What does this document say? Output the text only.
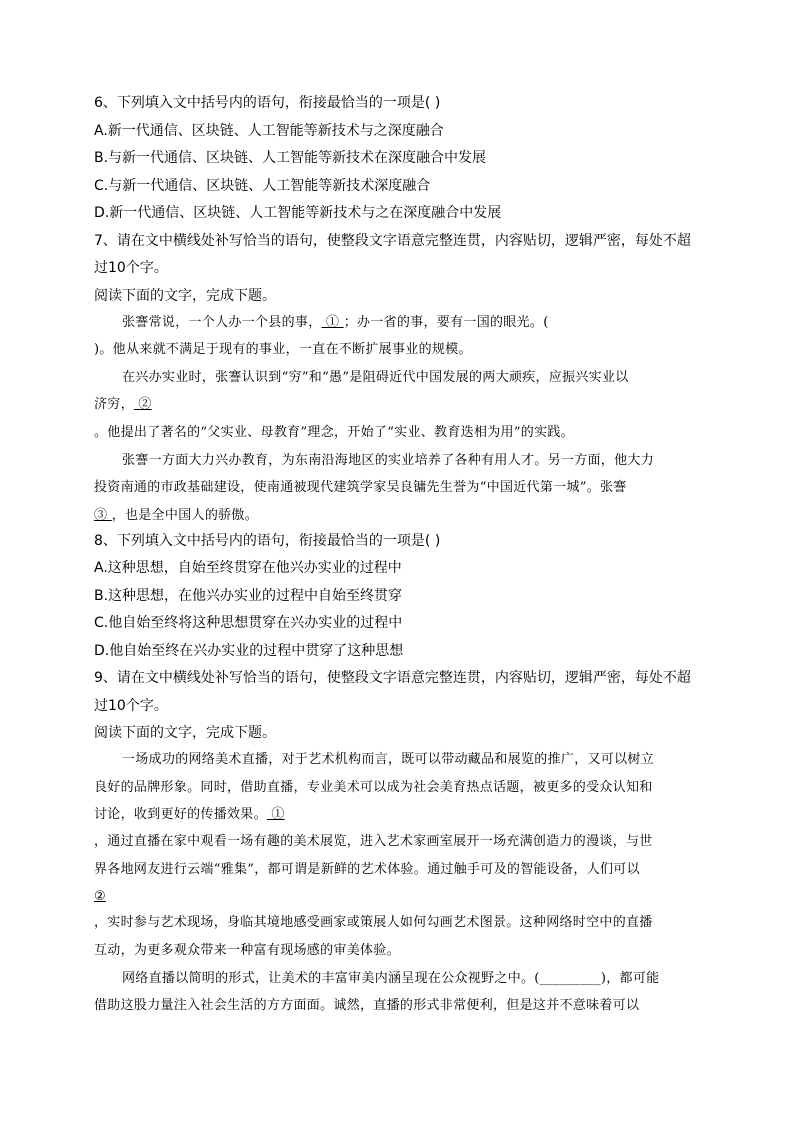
6、下列填入文中括号内的语句，衔接最恰当的一项是( )

A.新一代通信、区块链、人工智能等新技术与之深度融合

B.与新一代通信、区块链、人工智能等新技术在深度融合中发展

C.与新一代通信、区块链、人工智能等新技术深度融合

D.新一代通信、区块链、人工智能等新技术与之在深度融合中发展

7、请在文中横线处补写恰当的语句，使整段文字语意完整连贯，内容贴切，逻辑严密，每处不超

过10个字。

阅读下面的文字，完成下题。

张謇常说，一个人办一个县的事， ① ；办一省的事，要有一国的眼光。(

)。他从来就不满足于现有的事业，一直在不断扩展事业的规模。

在兴办实业时，张謇认识到“穷”和“愚”是阻碍近代中国发展的两大顽疾，应振兴实业以

济穷， ②

。他提出了著名的“父实业、母教育”理念，开始了“实业、教育迭相为用”的实践。

张謇一方面大力兴办教育，为东南沿海地区的实业培养了各种有用人才。另一方面，他大力

投资南通的市政基础建设，使南通被现代建筑学家吴良镛先生誉为“中国近代第一城”。张謇

③ ，也是全中国人的骄傲。

8、下列填入文中括号内的语句，衔接最恰当的一项是( )

A.这种思想，自始至终贯穿在他兴办实业的过程中

B.这种思想，在他兴办实业的过程中自始至终贯穿

C.他自始至终将这种思想贯穿在兴办实业的过程中

D.他自始至终在兴办实业的过程中贯穿了这种思想

9、请在文中横线处补写恰当的语句，使整段文字语意完整连贯，内容贴切，逻辑严密，每处不超

过10个字。

阅读下面的文字，完成下题。

一场成功的网络美术直播，对于艺术机构而言，既可以带动藏品和展览的推广，又可以树立

良好的品牌形象。同时，借助直播，专业美术可以成为社会美育热点话题，被更多的受众认知和

讨论，收到更好的传播效果。 ①

，通过直播在家中观看一场有趣的美术展览，进入艺术家画室展开一场充满创造力的漫谈，与世

界各地网友进行云端“雅集”，都可谓是新鲜的艺术体验。通过触手可及的智能设备，人们可以

②

，实时参与艺术现场，身临其境地感受画家或策展人如何勾画艺术图景。这种网络时空中的直播

互动，为更多观众带来一种富有现场感的审美体验。

网络直播以简明的形式，让美术的丰富审美内涵呈现在公众视野之中。(_________)，都可能

借助这股力量注入社会生活的方方面面。诚然，直播的形式非常便利，但是这并不意味着可以
